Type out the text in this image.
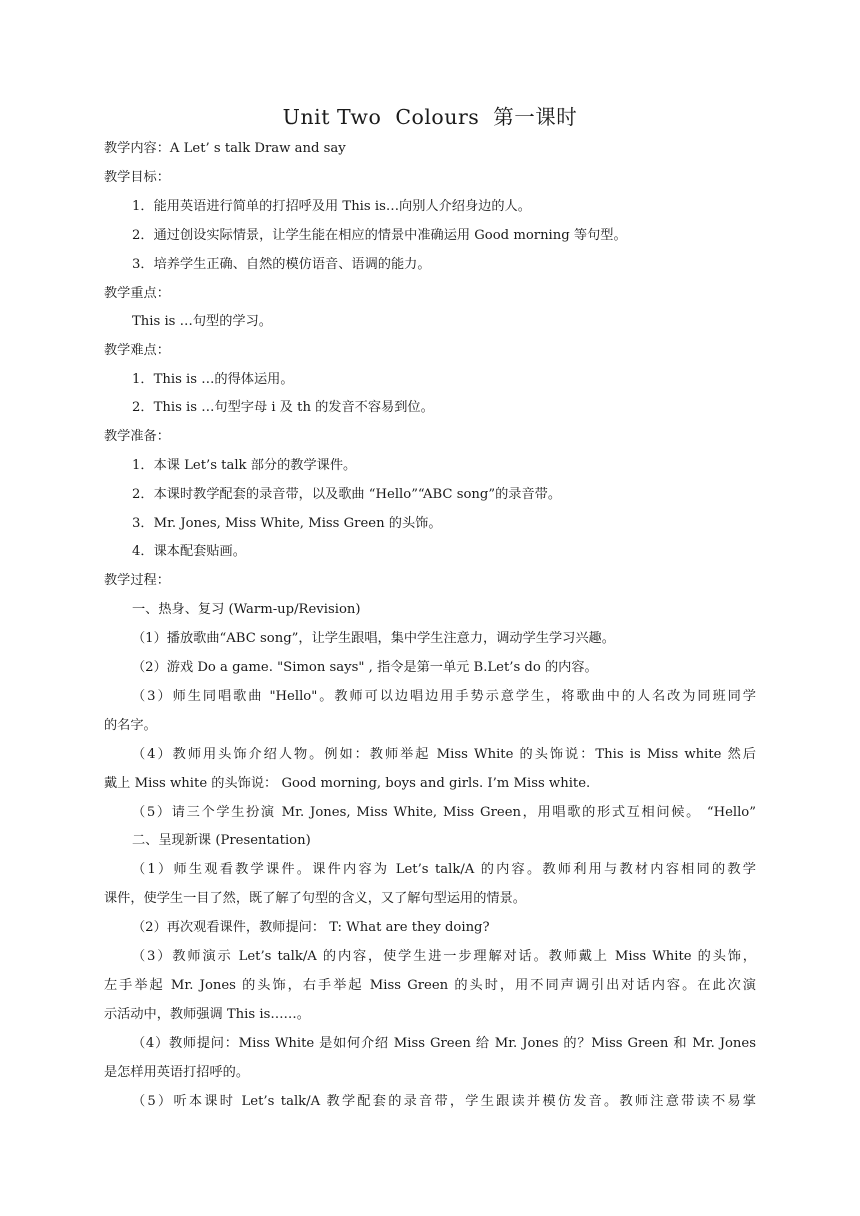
Unit Two  Colours  第一课时
教学内容：A Let’ s talk Draw and say
教学目标：
1．能用英语进行简单的打招呼及用 This is…向别人介绍身边的人。
2．通过创设实际情景，让学生能在相应的情景中准确运用 Good morning 等句型。
3．培养学生正确、自然的模仿语音、语调的能力。
教学重点：
This is …句型的学习。
教学难点：
1．This is …的得体运用。
2．This is …句型字母 i 及 th 的发音不容易到位。
教学准备：
1．本课 Let’s talk 部分的教学课件。
2．本课时教学配套的录音带，以及歌曲 “Hello”“ABC song”的录音带。
3．Mr. Jones, Miss White, Miss Green 的头饰。
4．课本配套贴画。
教学过程：
一、热身、复习 (Warm-up/Revision)
（1）播放歌曲“ABC song”，让学生跟唱，集中学生注意力，调动学生学习兴趣。
（2）游戏 Do a game. "Simon says" , 指令是第一单元 B.Let’s do 的内容。
（3）师生同唱歌曲 "Hello"。教师可以边唱边用手势示意学生，将歌曲中的人名改为同班同学
的名字。
（4）教师用头饰介绍人物。例如：教师举起 Miss White 的头饰说：This is Miss white 然后
戴上 Miss white 的头饰说： Good morning, boys and girls. I’m Miss white.
（5）请三个学生扮演 Mr. Jones, Miss White, Miss Green，用唱歌的形式互相问候。 “Hello”
二、呈现新课 (Presentation)
（1）师生观看教学课件。课件内容为 Let’s talk/A 的内容。教师利用与教材内容相同的教学
课件，使学生一目了然，既了解了句型的含义，又了解句型运用的情景。
（2）再次观看课件，教师提问： T: What are they doing?
（3）教师演示 Let’s talk/A 的内容，使学生进一步理解对话。教师戴上 Miss White 的头饰，
左手举起 Mr. Jones 的头饰，右手举起 Miss Green 的头时，用不同声调引出对话内容。在此次演
示活动中，教师强调 This is……。
（4）教师提问：Miss White 是如何介绍 Miss Green 给 Mr. Jones 的？Miss Green 和 Mr. Jones
是怎样用英语打招呼的。
（5）听本课时 Let’s talk/A 教学配套的录音带，学生跟读并模仿发音。教师注意带读不易掌
